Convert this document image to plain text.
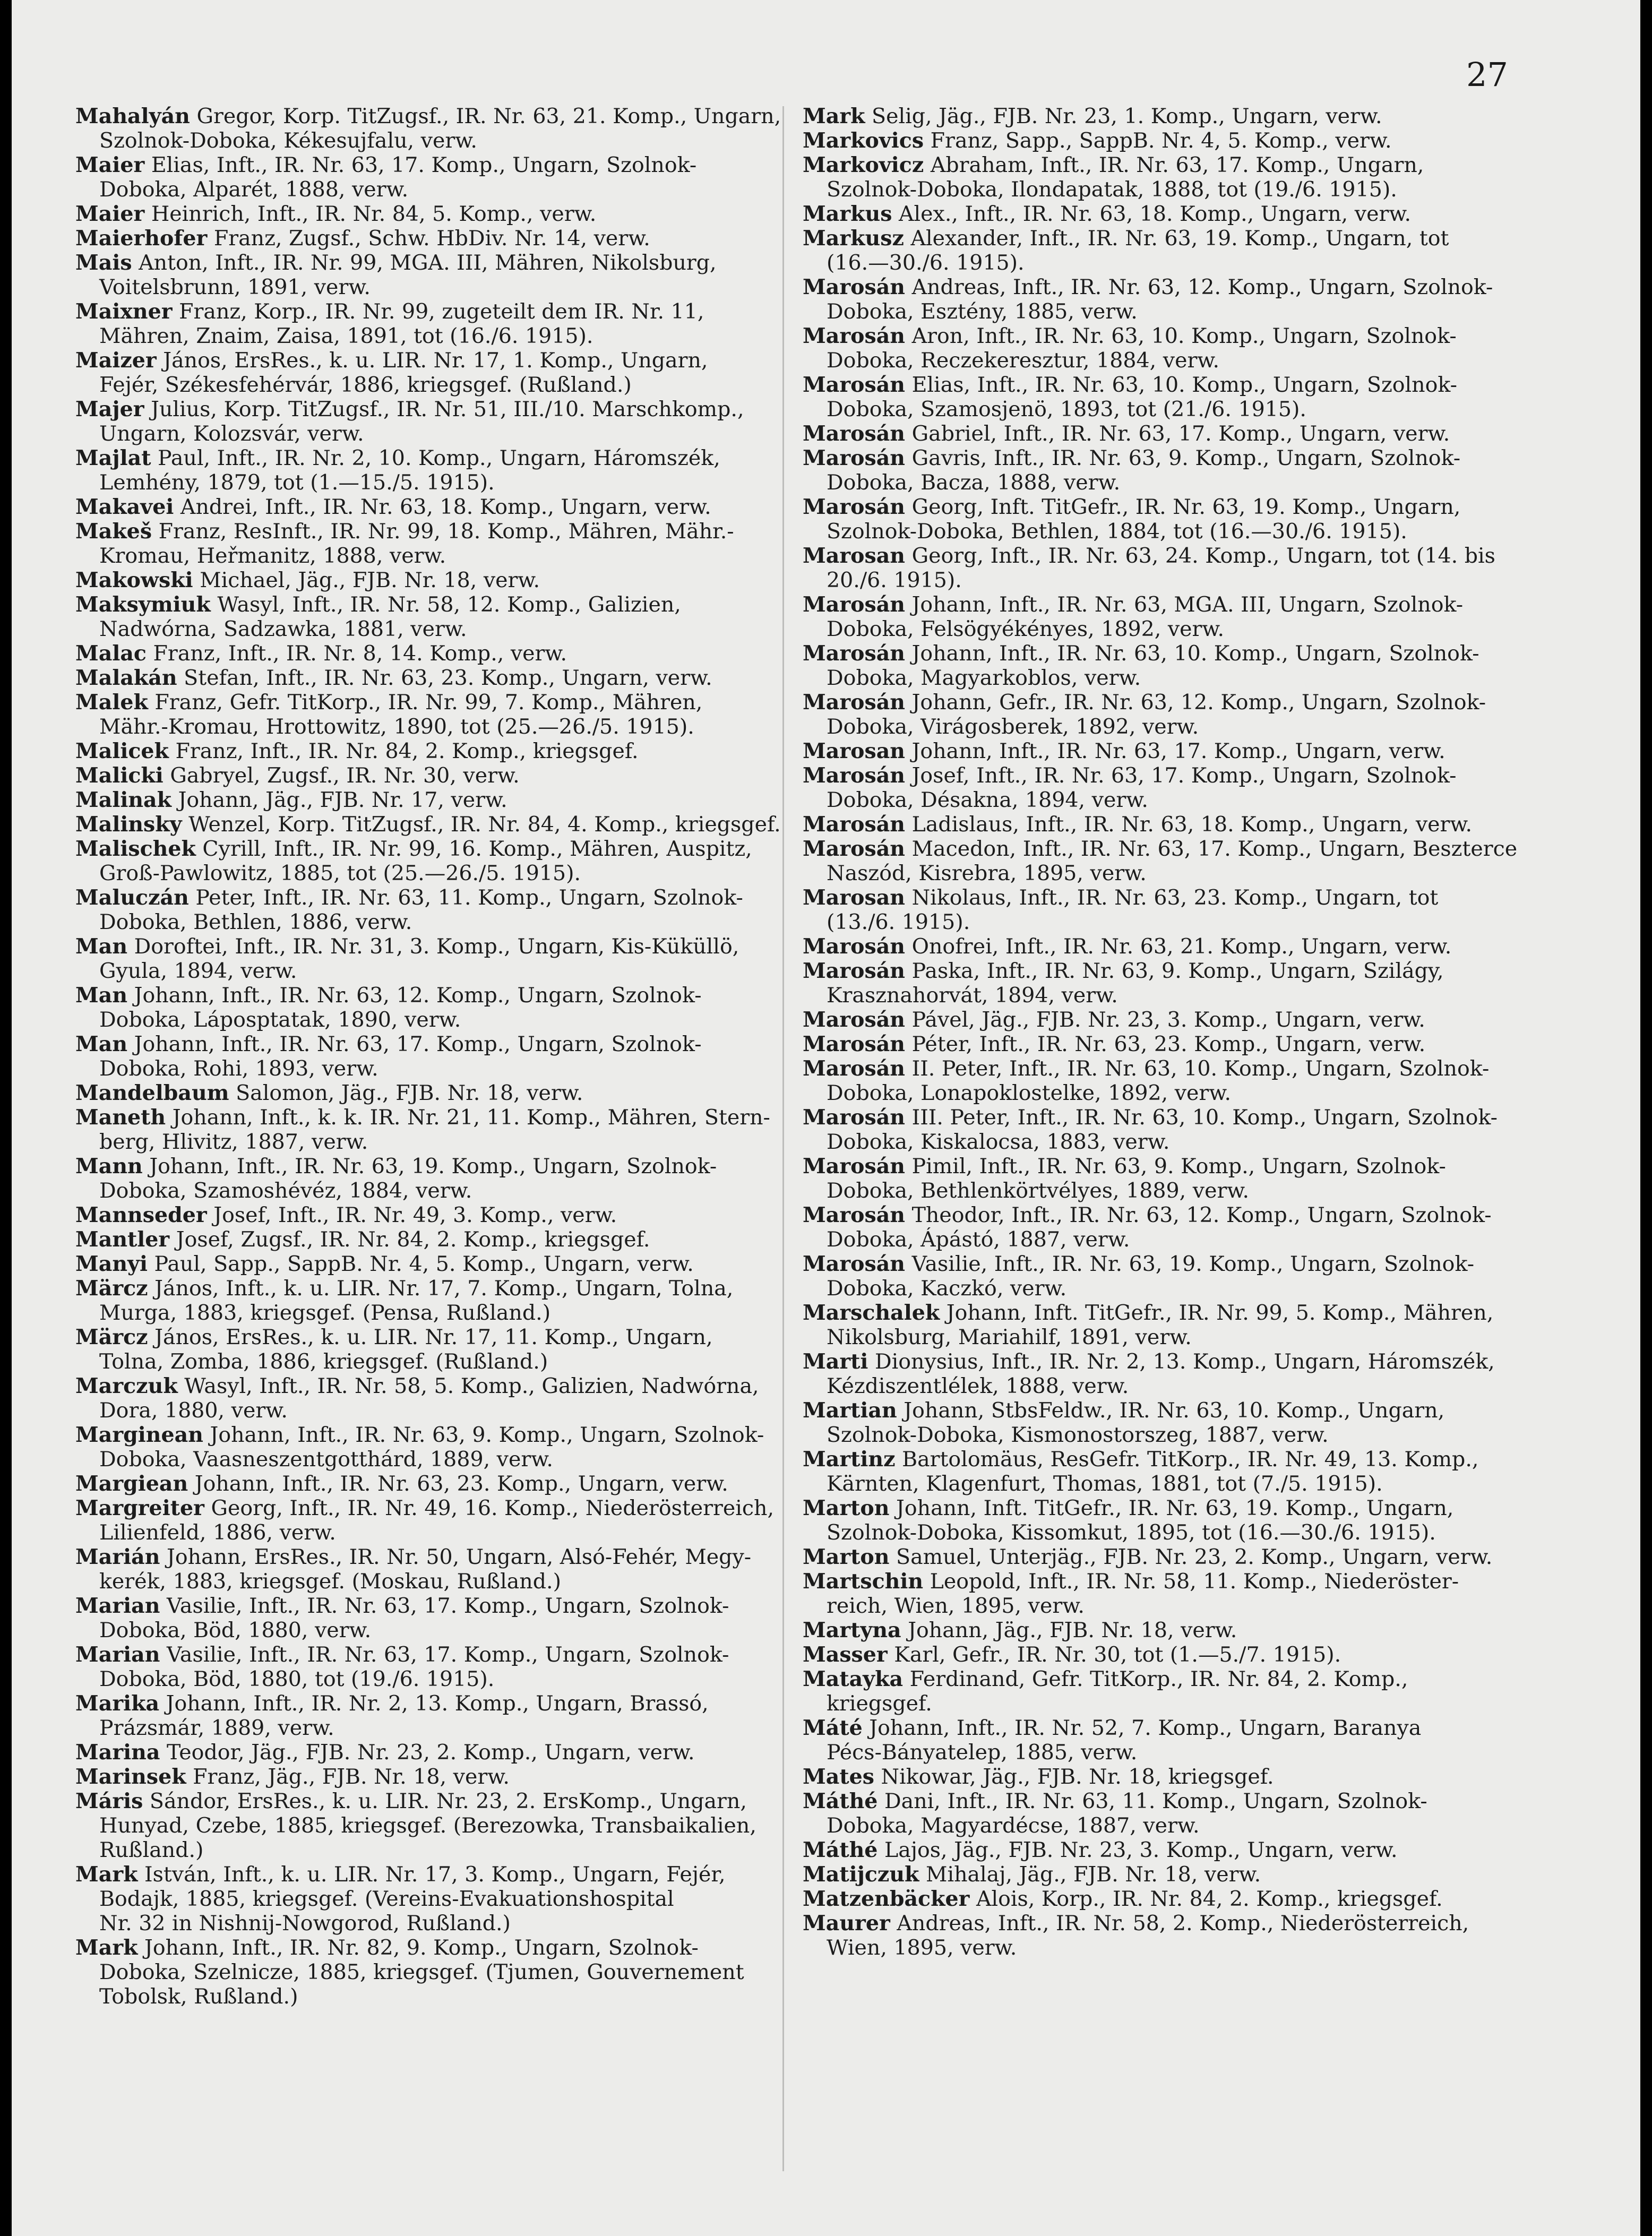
27

Mahalyán Gregor, Korp. TitZugsf., IR. Nr. 63, 21. Komp., Ungarn,
Szolnok-Doboka, Kékesujfalu, verw.

Maier Elias, Inft., IR. Nr. 63, 17. Komp., Ungarn, Szolnok-
Doboka, Alparét, 1888, verw.

Maier Heinrich, Inft., IR. Nr. 84, 5. Komp., verw.

Maierhofer Franz, Zugsf., Schw. HbDiv. Nr. 14, verw.

Mais Anton, Inft., IR. Nr. 99, MGA. III, Mähren, Nikolsburg,
Voitelsbrunn, 1891, verw.

Maixner Franz, Korp., IR. Nr. 99, zugeteilt dem IR. Nr. 11,
Mähren, Znaim, Zaisa, 1891, tot (16./6. 1915).

Maizer János, ErsRes., k. u. LIR. Nr. 17, 1. Komp., Ungarn,
Fejér, Székesfehérvár, 1886, kriegsgef. (Rußland.)

Majer Julius, Korp. TitZugsf., IR. Nr. 51, III./10. Marschkomp.,
Ungarn, Kolozsvár, verw.

Majlat Paul, Inft., IR. Nr. 2, 10. Komp., Ungarn, Háromszék,
Lemhény, 1879, tot (1.—15./5. 1915).

Makavei Andrei, Inft., IR. Nr. 63, 18. Komp., Ungarn, verw.

Makeš Franz, ResInft., IR. Nr. 99, 18. Komp., Mähren, Mähr.-
Kromau, Heřmanitz, 1888, verw.

Makowski Michael, Jäg., FJB. Nr. 18, verw.

Maksymiuk Wasyl, Inft., IR. Nr. 58, 12. Komp., Galizien,
Nadwórna, Sadzawka, 1881, verw.

Malac Franz, Inft., IR. Nr. 8, 14. Komp., verw.

Malakán Stefan, Inft., IR. Nr. 63, 23. Komp., Ungarn, verw.

Malek Franz, Gefr. TitKorp., IR. Nr. 99, 7. Komp., Mähren,
Mähr.-Kromau, Hrottowitz, 1890, tot (25.—26./5. 1915).

Malicek Franz, Inft., IR. Nr. 84, 2. Komp., kriegsgef.

Malicki Gabryel, Zugsf., IR. Nr. 30, verw.

Malinak Johann, Jäg., FJB. Nr. 17, verw.

Malinsky Wenzel, Korp. TitZugsf., IR. Nr. 84, 4. Komp., kriegsgef.

Malischek Cyrill, Inft., IR. Nr. 99, 16. Komp., Mähren, Auspitz,
Groß-Pawlowitz, 1885, tot (25.—26./5. 1915).

Maluczán Peter, Inft., IR. Nr. 63, 11. Komp., Ungarn, Szolnok-
Doboka, Bethlen, 1886, verw.

Man Doroftei, Inft., IR. Nr. 31, 3. Komp., Ungarn, Kis-Küküllö,
Gyula, 1894, verw.

Man Johann, Inft., IR. Nr. 63, 12. Komp., Ungarn, Szolnok-
Doboka, Láposptatak, 1890, verw.

Man Johann, Inft., IR. Nr. 63, 17. Komp., Ungarn, Szolnok-
Doboka, Rohi, 1893, verw.

Mandelbaum Salomon, Jäg., FJB. Nr. 18, verw.

Maneth Johann, Inft., k. k. IR. Nr. 21, 11. Komp., Mähren, Stern-
berg, Hlivitz, 1887, verw.

Mann Johann, Inft., IR. Nr. 63, 19. Komp., Ungarn, Szolnok-
Doboka, Szamoshévéz, 1884, verw.

Mannseder Josef, Inft., IR. Nr. 49, 3. Komp., verw.

Mantler Josef, Zugsf., IR. Nr. 84, 2. Komp., kriegsgef.

Manyi Paul, Sapp., SappB. Nr. 4, 5. Komp., Ungarn, verw.

Märcz János, Inft., k. u. LIR. Nr. 17, 7. Komp., Ungarn, Tolna,
Murga, 1883, kriegsgef. (Pensa, Rußland.)

Märcz János, ErsRes., k. u. LIR. Nr. 17, 11. Komp., Ungarn,
Tolna, Zomba, 1886, kriegsgef. (Rußland.)

Marczuk Wasyl, Inft., IR. Nr. 58, 5. Komp., Galizien, Nadwórna,
Dora, 1880, verw.

Marginean Johann, Inft., IR. Nr. 63, 9. Komp., Ungarn, Szolnok-
Doboka, Vaasneszentgotthárd, 1889, verw.

Margiean Johann, Inft., IR. Nr. 63, 23. Komp., Ungarn, verw.

Margreiter Georg, Inft., IR. Nr. 49, 16. Komp., Niederösterreich,
Lilienfeld, 1886, verw.

Marián Johann, ErsRes., IR. Nr. 50, Ungarn, Alsó-Fehér, Megy-
kerék, 1883, kriegsgef. (Moskau, Rußland.)

Marian Vasilie, Inft., IR. Nr. 63, 17. Komp., Ungarn, Szolnok-
Doboka, Böd, 1880, verw.

Marian Vasilie, Inft., IR. Nr. 63, 17. Komp., Ungarn, Szolnok-
Doboka, Böd, 1880, tot (19./6. 1915).

Marika Johann, Inft., IR. Nr. 2, 13. Komp., Ungarn, Brassó,
Prázsmár, 1889, verw.

Marina Teodor, Jäg., FJB. Nr. 23, 2. Komp., Ungarn, verw.

Marinsek Franz, Jäg., FJB. Nr. 18, verw.

Máris Sándor, ErsRes., k. u. LIR. Nr. 23, 2. ErsKomp., Ungarn,
Hunyad, Czebe, 1885, kriegsgef. (Berezowka, Transbaikalien,
Rußland.)

Mark István, Inft., k. u. LIR. Nr. 17, 3. Komp., Ungarn, Fejér,
Bodajk, 1885, kriegsgef. (Vereins-Evakuationshospital
Nr. 32 in Nishnij-Nowgorod, Rußland.)

Mark Johann, Inft., IR. Nr. 82, 9. Komp., Ungarn, Szolnok-
Doboka, Szelnicze, 1885, kriegsgef. (Tjumen, Gouvernement
Tobolsk, Rußland.)

Mark Selig, Jäg., FJB. Nr. 23, 1. Komp., Ungarn, verw.

Markovics Franz, Sapp., SappB. Nr. 4, 5. Komp., verw.

Markovicz Abraham, Inft., IR. Nr. 63, 17. Komp., Ungarn,
Szolnok-Doboka, Ilondapatak, 1888, tot (19./6. 1915).

Markus Alex., Inft., IR. Nr. 63, 18. Komp., Ungarn, verw.

Markusz Alexander, Inft., IR. Nr. 63, 19. Komp., Ungarn, tot
(16.—30./6. 1915).

Marosán Andreas, Inft., IR. Nr. 63, 12. Komp., Ungarn, Szolnok-
Doboka, Esztény, 1885, verw.

Marosán Aron, Inft., IR. Nr. 63, 10. Komp., Ungarn, Szolnok-
Doboka, Reczekeresztur, 1884, verw.

Marosán Elias, Inft., IR. Nr. 63, 10. Komp., Ungarn, Szolnok-
Doboka, Szamosjenö, 1893, tot (21./6. 1915).

Marosán Gabriel, Inft., IR. Nr. 63, 17. Komp., Ungarn, verw.

Marosán Gavris, Inft., IR. Nr. 63, 9. Komp., Ungarn, Szolnok-
Doboka, Bacza, 1888, verw.

Marosán Georg, Inft. TitGefr., IR. Nr. 63, 19. Komp., Ungarn,
Szolnok-Doboka, Bethlen, 1884, tot (16.—30./6. 1915).

Marosan Georg, Inft., IR. Nr. 63, 24. Komp., Ungarn, tot (14. bis
20./6. 1915).

Marosán Johann, Inft., IR. Nr. 63, MGA. III, Ungarn, Szolnok-
Doboka, Felsögyékényes, 1892, verw.

Marosán Johann, Inft., IR. Nr. 63, 10. Komp., Ungarn, Szolnok-
Doboka, Magyarkoblos, verw.

Marosán Johann, Gefr., IR. Nr. 63, 12. Komp., Ungarn, Szolnok-
Doboka, Virágosberek, 1892, verw.

Marosan Johann, Inft., IR. Nr. 63, 17. Komp., Ungarn, verw.

Marosán Josef, Inft., IR. Nr. 63, 17. Komp., Ungarn, Szolnok-
Doboka, Désakna, 1894, verw.

Marosán Ladislaus, Inft., IR. Nr. 63, 18. Komp., Ungarn, verw.

Marosán Macedon, Inft., IR. Nr. 63, 17. Komp., Ungarn, Beszterce
Naszód, Kisrebra, 1895, verw.

Marosan Nikolaus, Inft., IR. Nr. 63, 23. Komp., Ungarn, tot
(13./6. 1915).

Marosán Onofrei, Inft., IR. Nr. 63, 21. Komp., Ungarn, verw.

Marosán Paska, Inft., IR. Nr. 63, 9. Komp., Ungarn, Szilágy,
Krasznahorvát, 1894, verw.

Marosán Pável, Jäg., FJB. Nr. 23, 3. Komp., Ungarn, verw.

Marosán Péter, Inft., IR. Nr. 63, 23. Komp., Ungarn, verw.

Marosán II. Peter, Inft., IR. Nr. 63, 10. Komp., Ungarn, Szolnok-
Doboka, Lonapoklostelke, 1892, verw.

Marosán III. Peter, Inft., IR. Nr. 63, 10. Komp., Ungarn, Szolnok-
Doboka, Kiskalocsa, 1883, verw.

Marosán Pimil, Inft., IR. Nr. 63, 9. Komp., Ungarn, Szolnok-
Doboka, Bethlenkörtvélyes, 1889, verw.

Marosán Theodor, Inft., IR. Nr. 63, 12. Komp., Ungarn, Szolnok-
Doboka, Ápástó, 1887, verw.

Marosán Vasilie, Inft., IR. Nr. 63, 19. Komp., Ungarn, Szolnok-
Doboka, Kaczkó, verw.

Marschalek Johann, Inft. TitGefr., IR. Nr. 99, 5. Komp., Mähren,
Nikolsburg, Mariahilf, 1891, verw.

Marti Dionysius, Inft., IR. Nr. 2, 13. Komp., Ungarn, Háromszék,
Kézdiszentlélek, 1888, verw.

Martian Johann, StbsFeldw., IR. Nr. 63, 10. Komp., Ungarn,
Szolnok-Doboka, Kismonostorszeg, 1887, verw.

Martinz Bartolomäus, ResGefr. TitKorp., IR. Nr. 49, 13. Komp.,
Kärnten, Klagenfurt, Thomas, 1881, tot (7./5. 1915).

Marton Johann, Inft. TitGefr., IR. Nr. 63, 19. Komp., Ungarn,
Szolnok-Doboka, Kissomkut, 1895, tot (16.—30./6. 1915).

Marton Samuel, Unterjäg., FJB. Nr. 23, 2. Komp., Ungarn, verw.

Martschin Leopold, Inft., IR. Nr. 58, 11. Komp., Niederöster-
reich, Wien, 1895, verw.

Martyna Johann, Jäg., FJB. Nr. 18, verw.

Masser Karl, Gefr., IR. Nr. 30, tot (1.—5./7. 1915).

Matayka Ferdinand, Gefr. TitKorp., IR. Nr. 84, 2. Komp.,
kriegsgef.

Máté Johann, Inft., IR. Nr. 52, 7. Komp., Ungarn, Baranya
Pécs-Bányatelep, 1885, verw.

Mates Nikowar, Jäg., FJB. Nr. 18, kriegsgef.

Máthé Dani, Inft., IR. Nr. 63, 11. Komp., Ungarn, Szolnok-
Doboka, Magyardécse, 1887, verw.

Máthé Lajos, Jäg., FJB. Nr. 23, 3. Komp., Ungarn, verw.

Matijczuk Mihalaj, Jäg., FJB. Nr. 18, verw.

Matzenbäcker Alois, Korp., IR. Nr. 84, 2. Komp., kriegsgef.

Maurer Andreas, Inft., IR. Nr. 58, 2. Komp., Niederösterreich,
Wien, 1895, verw.
